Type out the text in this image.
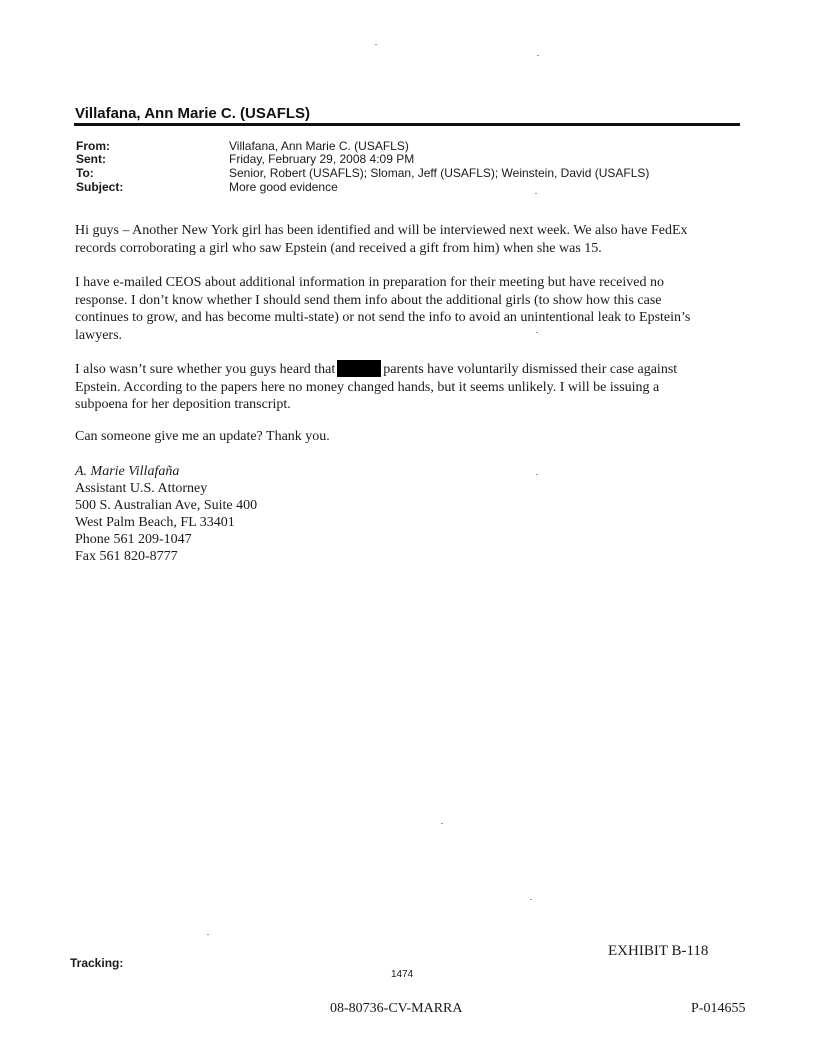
Villafana, Ann Marie C. (USAFLS)
From:	Villafana, Ann Marie C. (USAFLS)
Sent:	Friday, February 29, 2008 4:09 PM
To:	Senior, Robert (USAFLS); Sloman, Jeff (USAFLS); Weinstein, David (USAFLS)
Subject:	More good evidence
Hi guys – Another New York girl has been identified and will be interviewed next week. We also have FedEx
records corroborating a girl who saw Epstein (and received a gift from him) when she was 15.
I have e-mailed CEOS about additional information in preparation for their meeting but have received no
response. I don’t know whether I should send them info about the additional girls (to show how this case
continues to grow, and has become multi-state) or not send the info to avoid an unintentional leak to Epstein’s
lawyers.
I also wasn’t sure whether you guys heard that	parents have voluntarily dismissed their case against
Epstein. According to the papers here no money changed hands, but it seems unlikely. I will be issuing a
subpoena for her deposition transcript.
Can someone give me an update? Thank you.
A. Marie Villafaña
Assistant U.S. Attorney
500 S. Australian Ave, Suite 400
West Palm Beach, FL 33401
Phone 561 209-1047
Fax 561 820-8777
EXHIBIT B-118
Tracking:
1474
08-80736-CV-MARRA	P-014655
